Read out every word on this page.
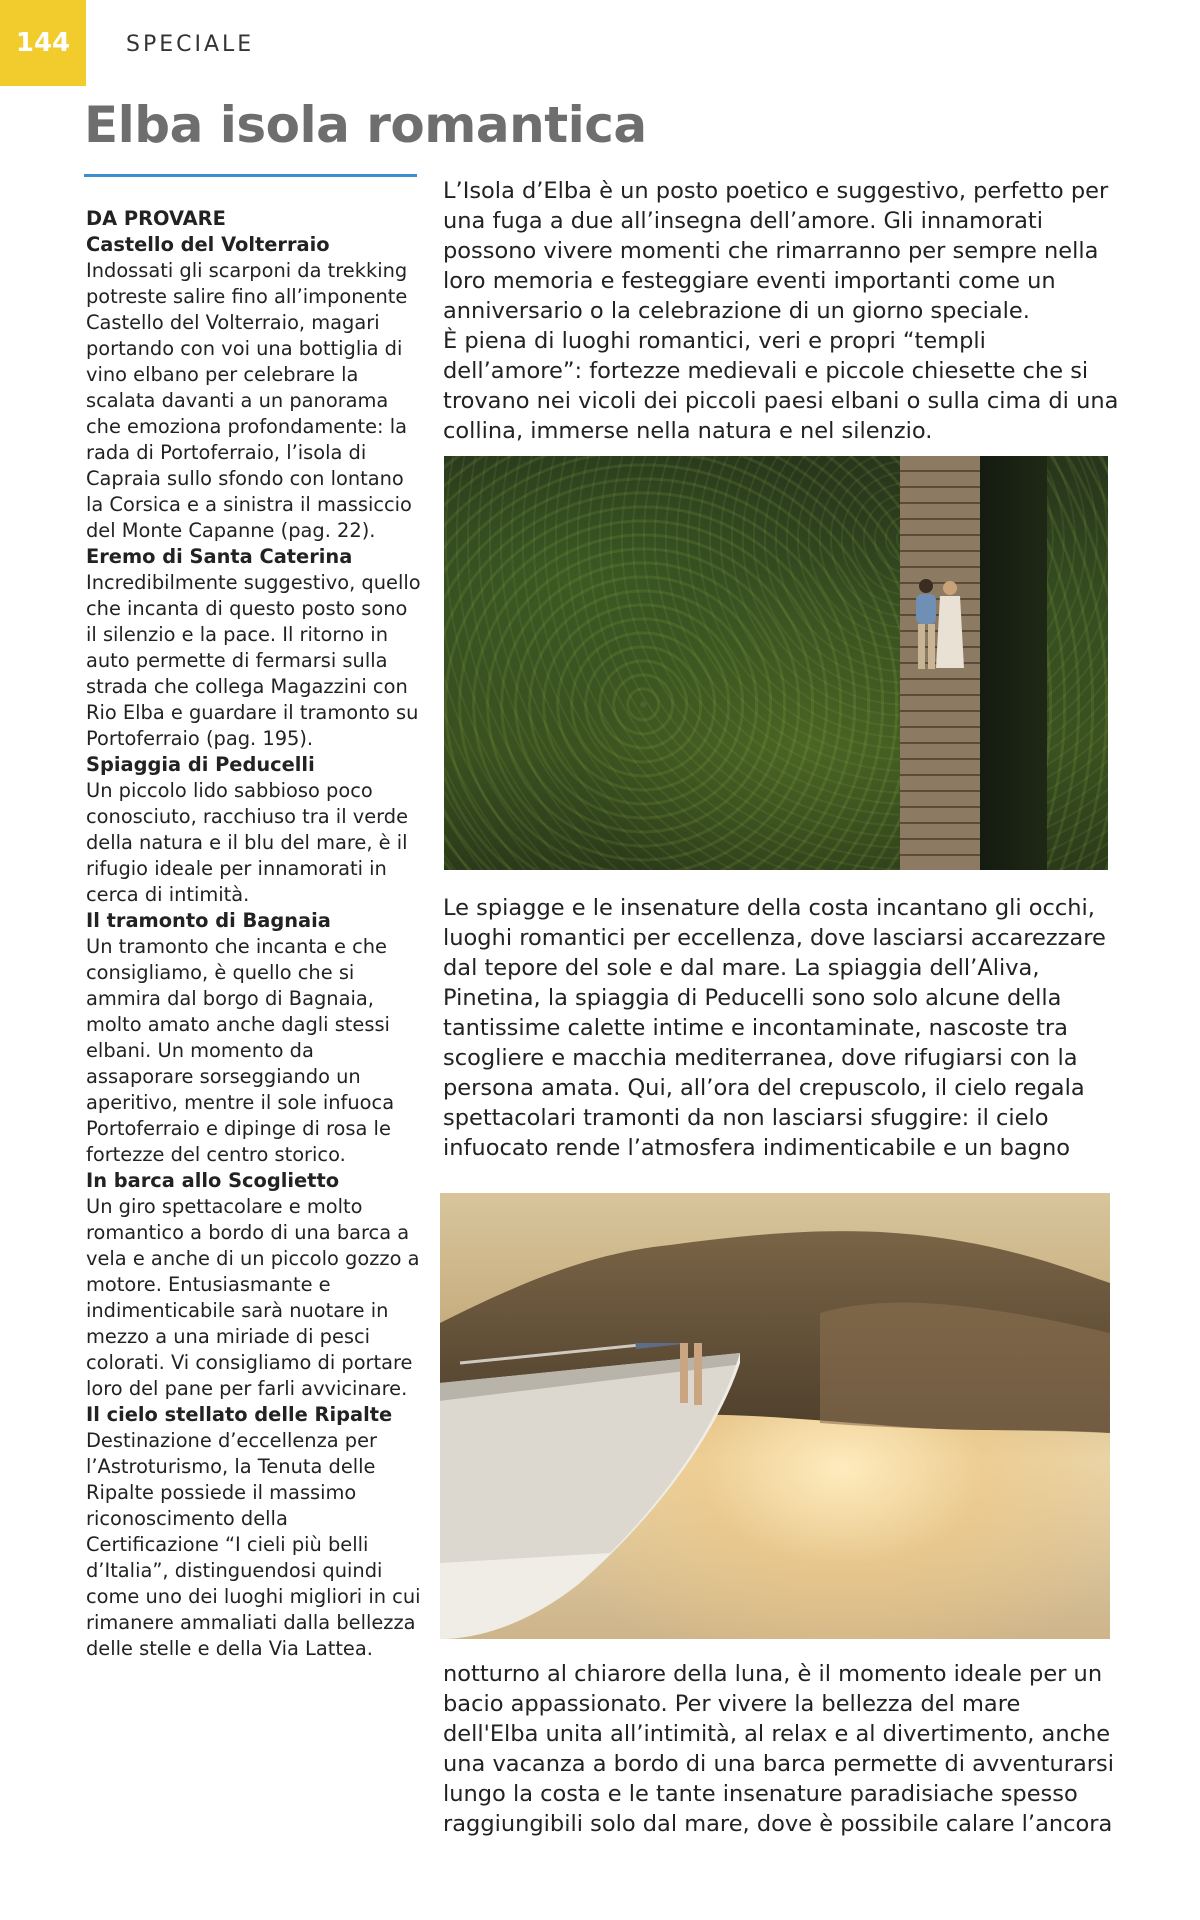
144	SPECIALE
Elba isola romantica

DA PROVARE

Castello del Volterraio

Indossati gli scarponi da trekking potreste salire fino all’imponente Castello del Volterraio, magari portando con voi una bottiglia di vino elbano per celebrare la scalata davanti a un panorama che emoziona profondamente: la rada di Portoferraio, l’isola di Capraia sullo sfondo con lontano la Corsica e a sinistra il massiccio del Monte Capanne (pag. 22).

Eremo di Santa Caterina

Incredibilmente suggestivo, quello che incanta di questo posto sono il silenzio e la pace. Il ritorno in auto permette di fermarsi sulla strada che collega Magazzini con Rio Elba e guardare il tramonto su Portoferraio (pag. 195).

Spiaggia di Peducelli

Un piccolo lido sabbioso poco conosciuto, racchiuso tra il verde della natura e il blu del mare, è il rifugio ideale per innamorati in cerca di intimità.

Il tramonto di Bagnaia

Un tramonto che incanta e che consigliamo, è quello che si ammira dal borgo di Bagnaia, molto amato anche dagli stessi elbani. Un momento da assaporare sorseggiando un aperitivo, mentre il sole infuoca Portoferraio e dipinge di rosa le fortezze del centro storico.

In barca allo Scoglietto

Un giro spettacolare e molto romantico a bordo di una barca a vela e anche di un piccolo gozzo a motore. Entusiasmante e indimenticabile sarà nuotare in mezzo a una miriade di pesci colorati. Vi consigliamo di portare loro del pane per farli avvicinare.

Il cielo stellato delle Ripalte

Destinazione d’eccellenza per l’Astroturismo, la Tenuta delle Ripalte possiede il massimo riconoscimento della Certificazione “I cieli più belli d’Italia”, distinguendosi quindi come uno dei luoghi migliori in cui rimanere ammaliati dalla bellezza delle stelle e della Via Lattea.

L’Isola d’Elba è un posto poetico e suggestivo, perfetto per una fuga a due all’insegna dell’amore. Gli innamorati possono vivere momenti che rimarranno per sempre nella loro memoria e festeggiare eventi importanti come un anniversario o la celebrazione di un giorno speciale.

È piena di luoghi romantici, veri e propri “templi dell’amore”: fortezze medievali e piccole chiesette che si trovano nei vicoli dei piccoli paesi elbani o sulla cima di una collina, immerse nella natura e nel silenzio.

Le spiagge e le insenature della costa incantano gli occhi, luoghi romantici per eccellenza, dove lasciarsi accarezzare dal tepore del sole e dal mare. La spiaggia dell’Aliva, Pinetina, la spiaggia di Peducelli sono solo alcune della tantissime calette intime e incontaminate, nascoste tra scogliere e macchia mediterranea, dove rifugiarsi con la persona amata. Qui, all’ora del crepuscolo, il cielo regala spettacolari tramonti da non lasciarsi sfuggire: il cielo infuocato rende l’atmosfera indimenticabile e un bagno

notturno al chiarore della luna, è il momento ideale per un bacio appassionato. Per vivere la bellezza del mare dell'Elba unita all’intimità, al relax e al divertimento, anche una vacanza a bordo di una barca permette di avventurarsi lungo la costa e le tante insenature paradisiache spesso raggiungibili solo dal mare, dove è possibile calare l’ancora
